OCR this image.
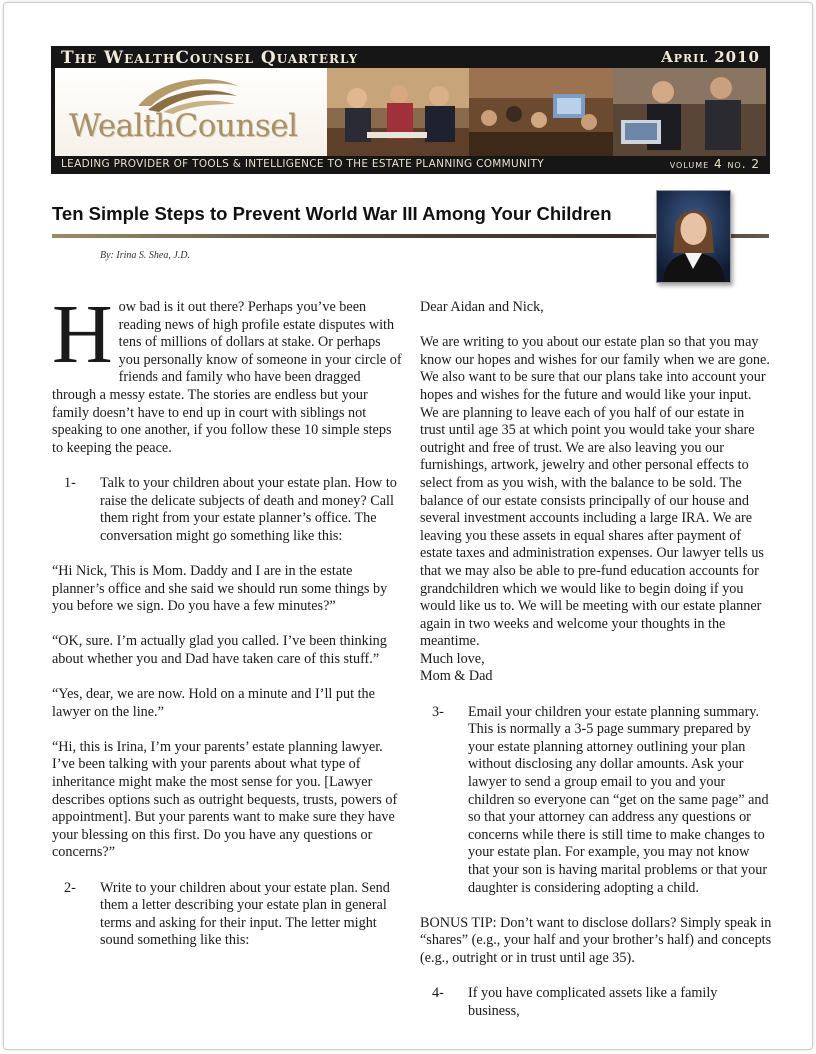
The WealthCounsel Quarterly	April 2010
WealthCounsel
LEADING PROVIDER OF TOOLS & INTELLIGENCE TO THE ESTATE PLANNING COMMUNITY	volume 4 no. 2
Ten Simple Steps to Prevent World War III Among Your Children
By: Irina S. Shea, J.D.

How bad is it out there? Perhaps you’ve been reading news of high profile estate disputes with tens of millions of dollars at stake. Or perhaps you personally know of someone in your circle of friends and family who have been dragged through a messy estate. The stories are endless but your family doesn’t have to end up in court with siblings not speaking to one another, if you follow these 10 simple steps to keeping the peace.

1- Talk to your children about your estate plan. How to raise the delicate subjects of death and money? Call them right from your estate planner’s office. The conversation might go something like this:

“Hi Nick, This is Mom. Daddy and I are in the estate planner’s office and she said we should run some things by you before we sign. Do you have a few minutes?”

“OK, sure. I’m actually glad you called. I’ve been thinking about whether you and Dad have taken care of this stuff.”

“Yes, dear, we are now. Hold on a minute and I’ll put the lawyer on the line.”

“Hi, this is Irina, I’m your parents’ estate planning lawyer. I’ve been talking with your parents about what type of inheritance might make the most sense for you. [Lawyer describes options such as outright bequests, trusts, powers of appointment]. But your parents want to make sure they have your blessing on this first. Do you have any questions or concerns?”

2- Write to your children about your estate plan. Send them a letter describing your estate plan in general terms and asking for their input. The letter might sound something like this:

Dear Aidan and Nick,

We are writing to you about our estate plan so that you may know our hopes and wishes for our family when we are gone. We also want to be sure that our plans take into account your hopes and wishes for the future and would like your input. We are planning to leave each of you half of our estate in trust until age 35 at which point you would take your share outright and free of trust. We are also leaving you our furnishings, artwork, jewelry and other personal effects to select from as you wish, with the balance to be sold. The balance of our estate consists principally of our house and several investment accounts including a large IRA. We are leaving you these assets in equal shares after payment of estate taxes and administration expenses. Our lawyer tells us that we may also be able to pre-fund education accounts for grandchildren which we would like to begin doing if you would like us to. We will be meeting with our estate planner again in two weeks and welcome your thoughts in the meantime.

Much love,

Mom & Dad

3- Email your children your estate planning summary. This is normally a 3-5 page summary prepared by your estate planning attorney outlining your plan without disclosing any dollar amounts. Ask your lawyer to send a group email to you and your children so everyone can “get on the same page” and so that your attorney can address any questions or concerns while there is still time to make changes to your estate plan. For example, you may not know that your son is having marital problems or that your daughter is considering adopting a child.

BONUS TIP: Don’t want to disclose dollars? Simply speak in “shares” (e.g., your half and your brother’s half) and concepts (e.g., outright or in trust until age 35).

4- If you have complicated assets like a family business,
